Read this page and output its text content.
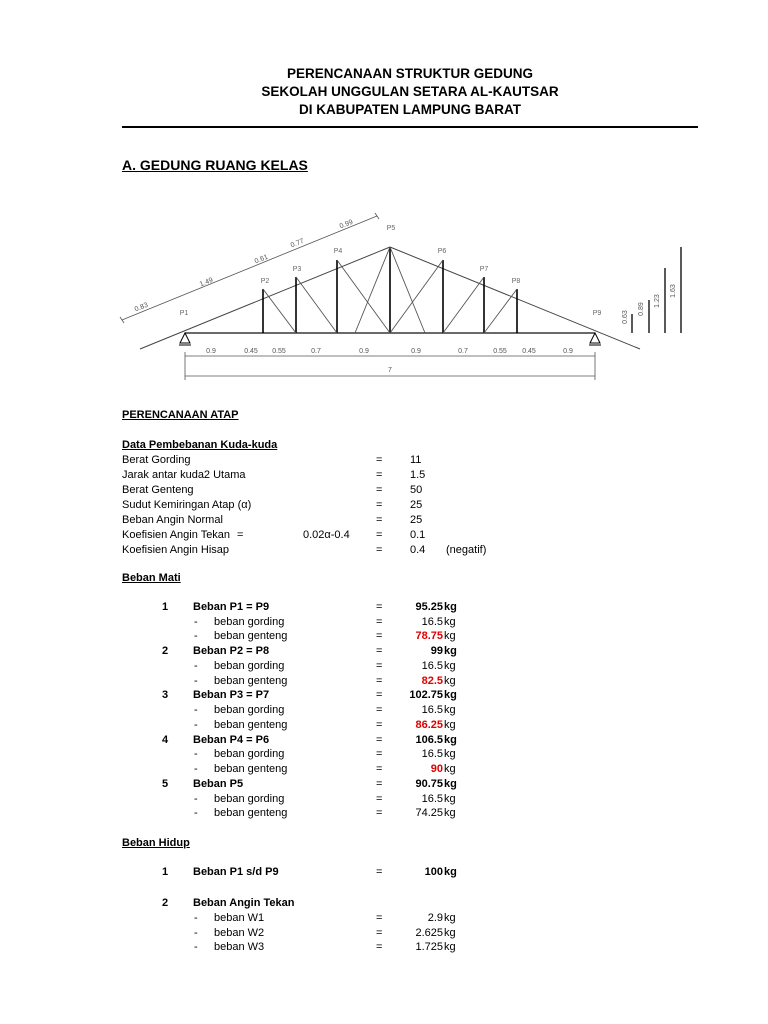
PERENCANAAN STRUKTUR GEDUNG
SEKOLAH UNGGULAN SETARA AL-KAUTSAR
DI KABUPATEN LAMPUNG BARAT
A. GEDUNG RUANG KELAS
P1
P2
P3
P4
P5
P6
P7
P8
P9
0.83
1.49
0.61
0.77
0.99
0.9	0.45 0.55	0.7	0.9	0.9	0.7	0.55 0.45	0.9
7
0.63
0.89
1.23
1.63
PERENCANAAN ATAP
Data Pembebanan Kuda-kuda
Berat Gording	=	11
Jarak antar kuda2 Utama	=	1.5
Berat Genteng	=	50
Sudut Kemiringan Atap (α)	=	25
Beban Angin Normal	=	25
Koefisien Angin Tekan =	0.02α-0.4 =	0.1
Koefisien Angin Hisap	=	0.4 (negatif)
Beban Mati
1 Beban P1 = P9	=	95.25 kg
- beban gording	=	16.5 kg
- beban genteng	=	78.75 kg
2 Beban P2 = P8	=	99 kg
- beban gording	=	16.5 kg
- beban genteng	=	82.5 kg
3 Beban P3 = P7	=	102.75 kg
- beban gording	=	16.5 kg
- beban genteng	=	86.25 kg
4 Beban P4 = P6	=	106.5 kg
- beban gording	=	16.5 kg
- beban genteng	=	90 kg
5 Beban P5	=	90.75 kg
- beban gording	=	16.5 kg
- beban genteng	=	74.25 kg
Beban Hidup
1 Beban P1 s/d P9	=	100 kg
2 Beban Angin Tekan
- beban W1	=	2.9 kg
- beban W2	=	2.625 kg
- beban W3	=	1.725 kg
